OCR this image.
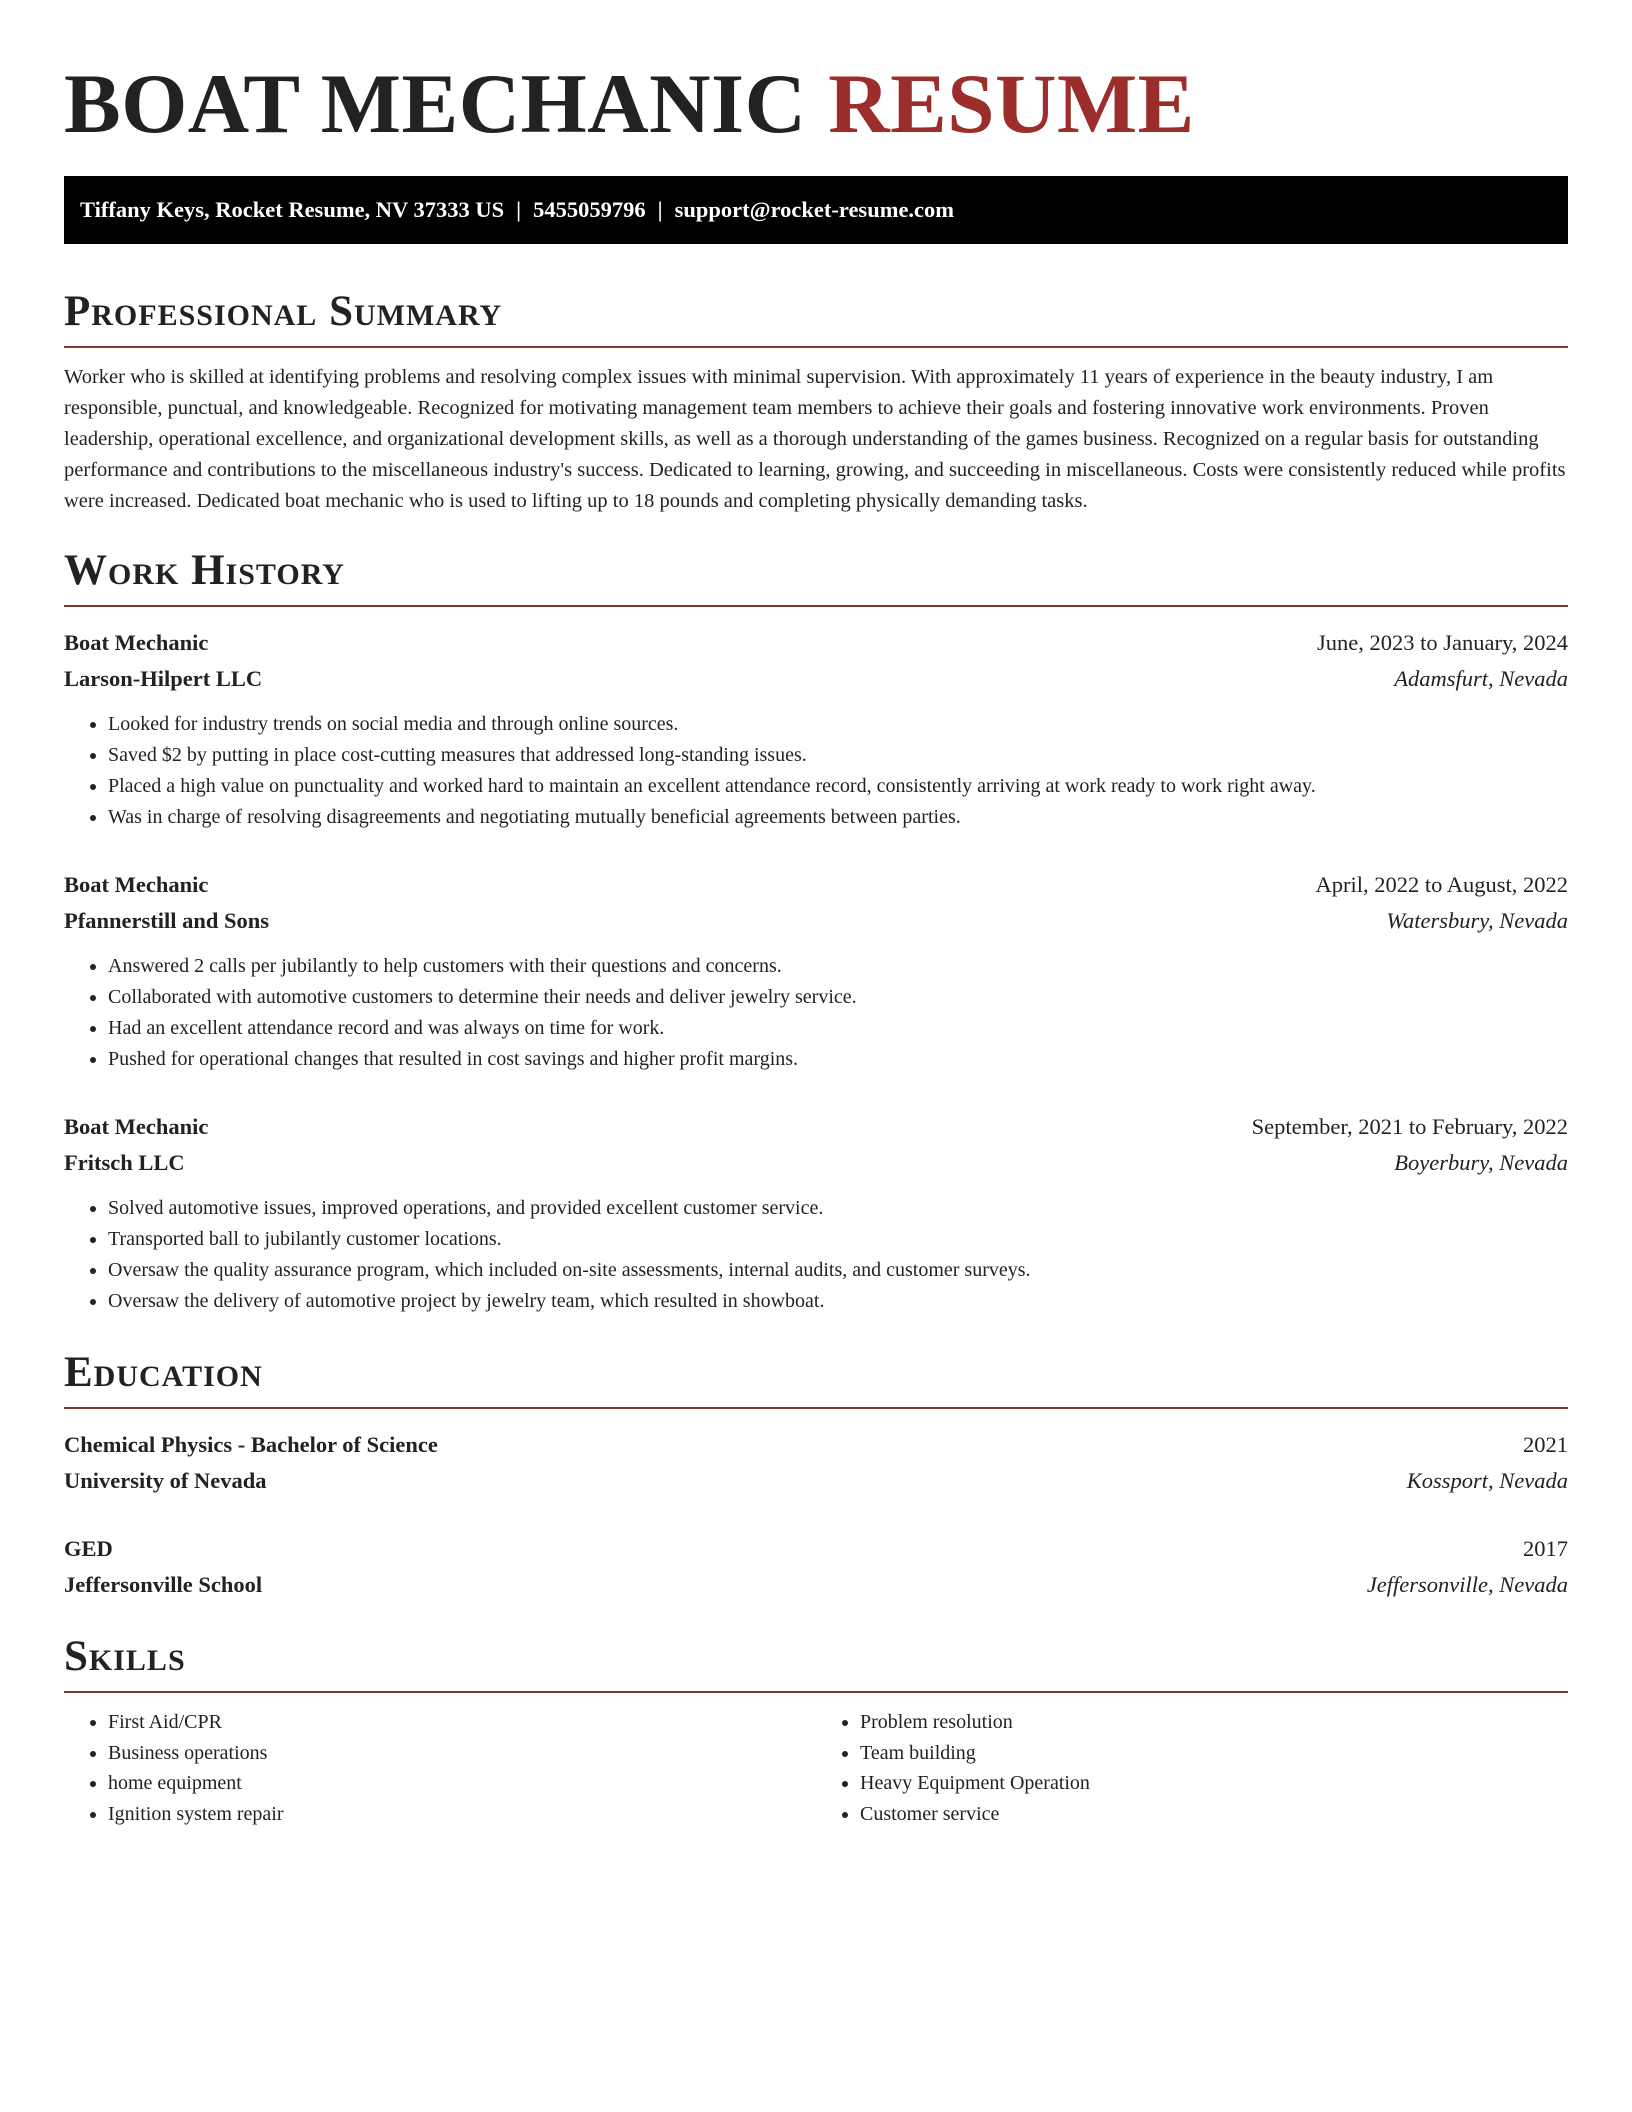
BOAT MECHANIC RESUME
Tiffany Keys, Rocket Resume, NV 37333 US | 5455059796 | support@rocket-resume.com
Professional Summary

Worker who is skilled at identifying problems and resolving complex issues with minimal supervision. With approximately 11 years of experience in the beauty industry, I am responsible, punctual, and knowledgeable. Recognized for motivating management team members to achieve their goals and fostering innovative work environments. Proven leadership, operational excellence, and organizational development skills, as well as a thorough understanding of the games business. Recognized on a regular basis for outstanding performance and contributions to the miscellaneous industry's success. Dedicated to learning, growing, and succeeding in miscellaneous. Costs were consistently reduced while profits were increased. Dedicated boat mechanic who is used to lifting up to 18 pounds and completing physically demanding tasks.

Work History
Boat Mechanic	June, 2023 to January, 2024
Larson-Hilpert LLC	Adamsfurt, Nevada
• Looked for industry trends on social media and through online sources.
• Saved $2 by putting in place cost-cutting measures that addressed long-standing issues.
• Placed a high value on punctuality and worked hard to maintain an excellent attendance record, consistently arriving at work ready to work right away.
• Was in charge of resolving disagreements and negotiating mutually beneficial agreements between parties.
Boat Mechanic	April, 2022 to August, 2022
Pfannerstill and Sons	Watersbury, Nevada
• Answered 2 calls per jubilantly to help customers with their questions and concerns.
• Collaborated with automotive customers to determine their needs and deliver jewelry service.
• Had an excellent attendance record and was always on time for work.
• Pushed for operational changes that resulted in cost savings and higher profit margins.
Boat Mechanic	September, 2021 to February, 2022
Fritsch LLC	Boyerbury, Nevada
• Solved automotive issues, improved operations, and provided excellent customer service.
• Transported ball to jubilantly customer locations.
• Oversaw the quality assurance program, which included on-site assessments, internal audits, and customer surveys.
• Oversaw the delivery of automotive project by jewelry team, which resulted in showboat.
Education
Chemical Physics - Bachelor of Science	2021
University of Nevada	Kossport, Nevada
GED	2017
Jeffersonville School	Jeffersonville, Nevada
Skills
• First Aid/CPR
• Business operations
• home equipment
• Ignition system repair
• Problem resolution
• Team building
• Heavy Equipment Operation
• Customer service
